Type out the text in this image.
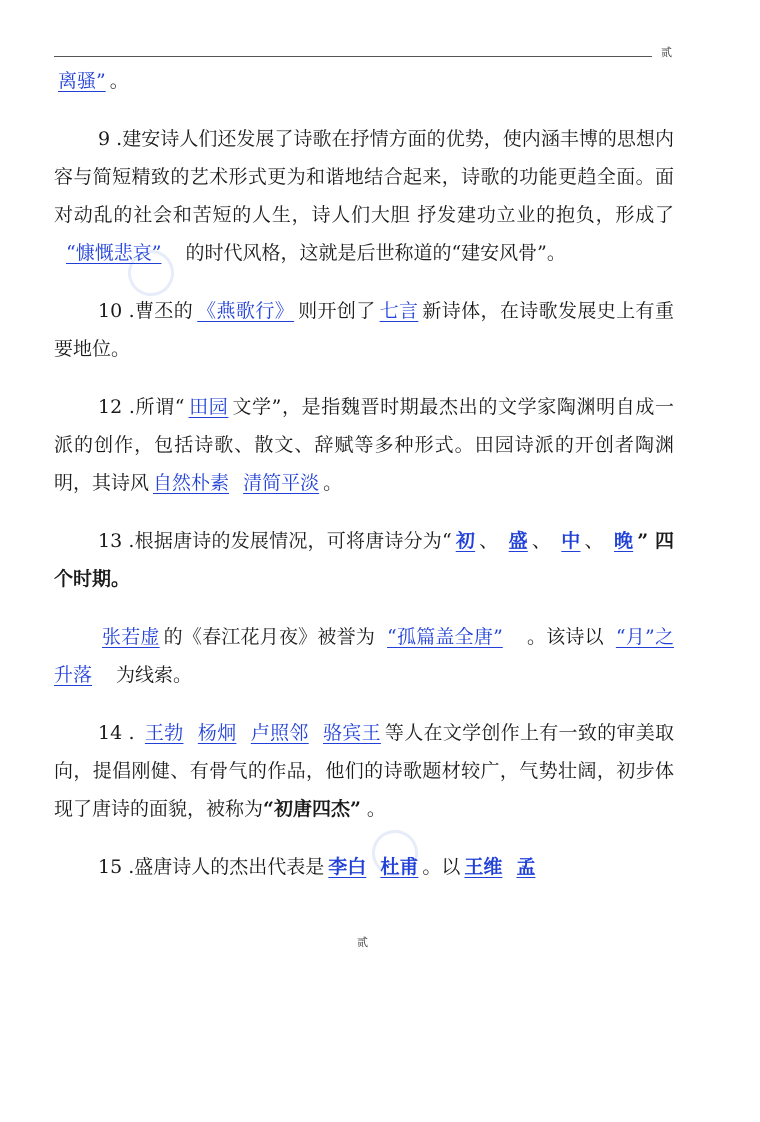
贰

离骚” 。

9 .建安诗人们还发展了诗歌在抒情方面的优势，使内涵丰博的思想内容与简短精致的艺术形式更为和谐地结合起来，诗歌的功能更趋全面。面对动乱的社会和苦短的人生，诗人们大胆 抒发建功立业的抱负，形成了 “慷慨悲哀” 的时代风格，这就是后世称道的“建安风骨”。

10 .曹丕的 《燕歌行》 则开创了 七言 新诗体，在诗歌发展史上有重要地位。

12 .所谓“ 田园 文学”，是指魏晋时期最杰出的文学家陶渊明自成一派的创作，包括诗歌、散文、辞赋等多种形式。田园诗派的开创者陶渊明，其诗风 自然朴素 清简平淡 。

13 .根据唐诗的发展情况，可将唐诗分为“ 初 、 盛 、 中 、 晚 ” 四个时期。

张若虚 的《春江花月夜》被誉为 “孤篇盖全唐” 。该诗以 “月”之升落 为线索。

14 . 王勃 杨炯 卢照邻 骆宾王 等人在文学创作上有一致的审美取向，提倡刚健、有骨气的作品，他们的诗歌题材较广，气势壮阔，初步体现了唐诗的面貌，被称为“初唐四杰” 。

15 .盛唐诗人的杰出代表是 李白 杜甫 。以 王维 孟

贰
